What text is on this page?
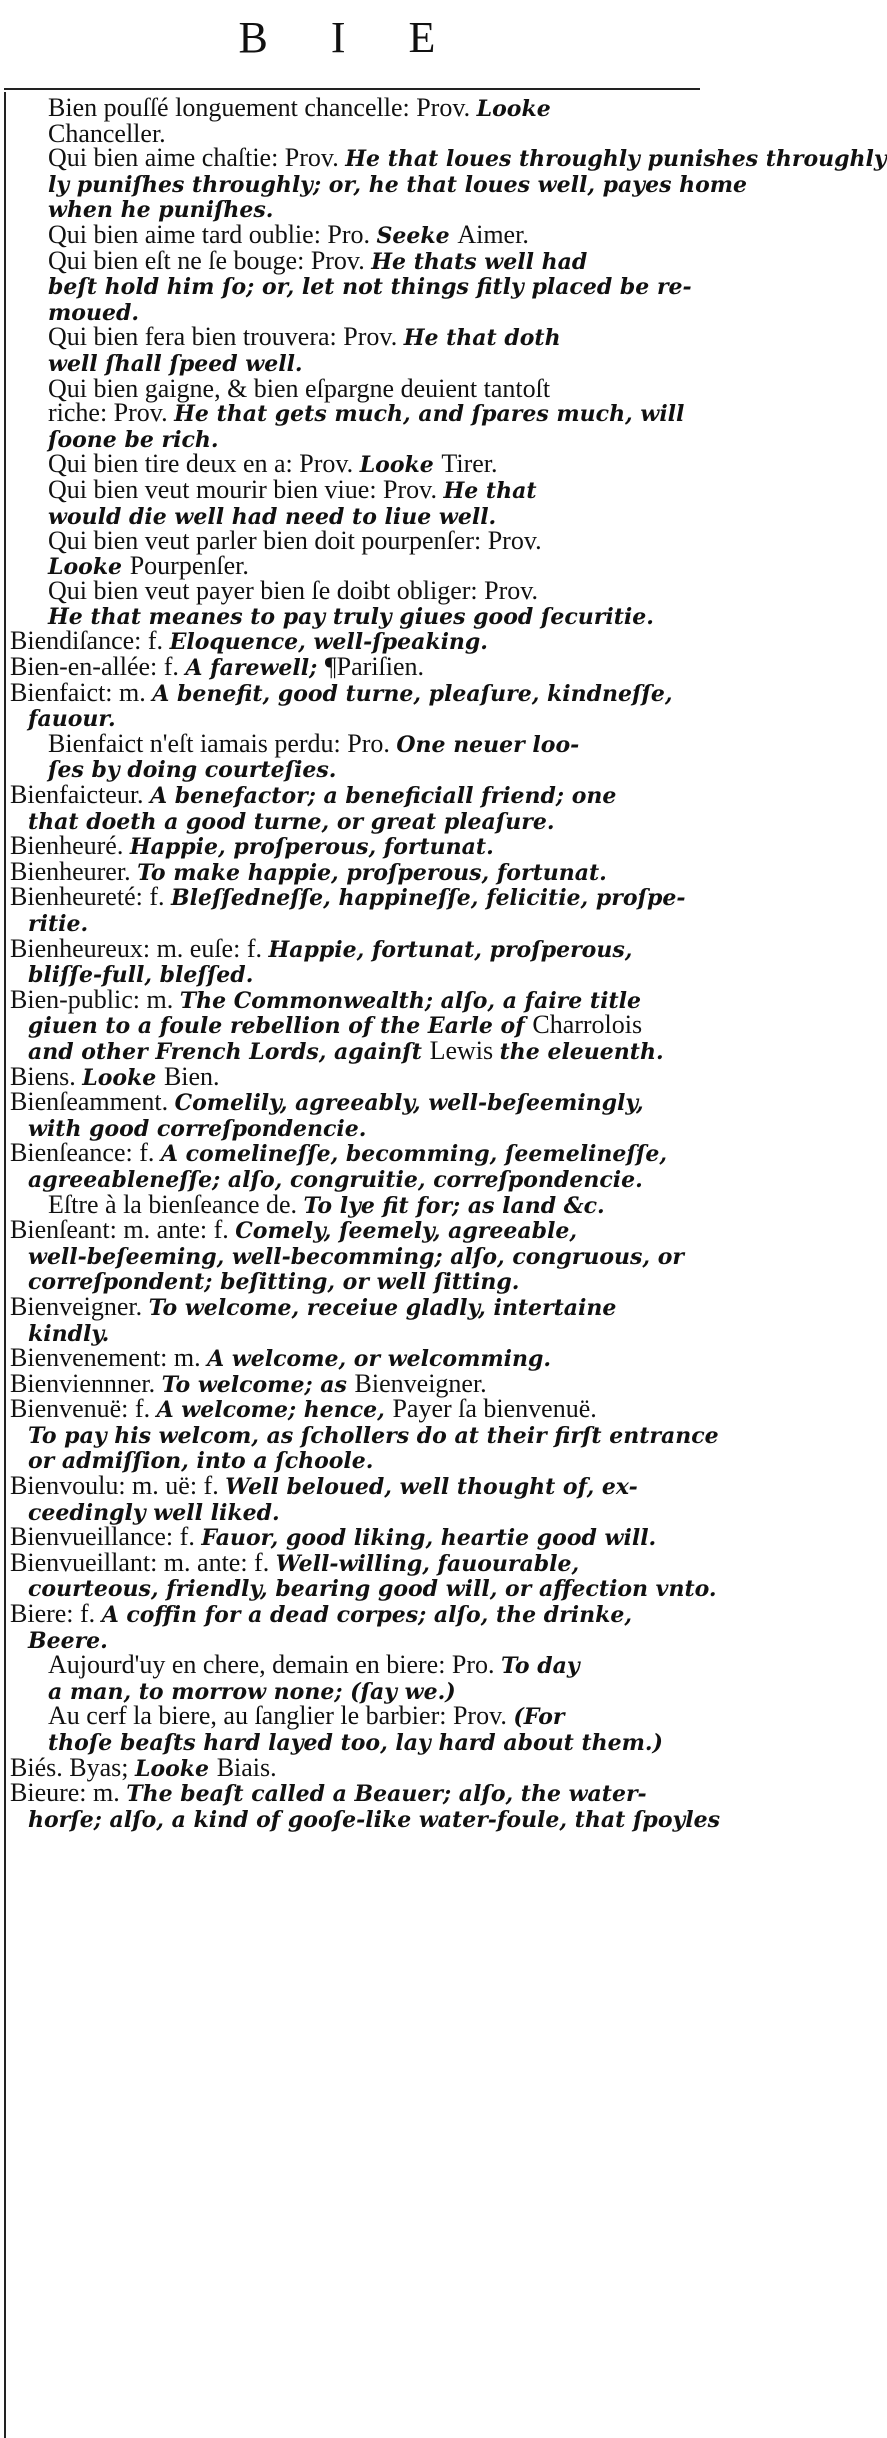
B I E
Bien pouſſé longuement chancelle: Prov. Looke
Chanceller.
Qui bien aime chaſtie: Prov. He that loues throughly punishes throughly
ly puniſhes throughly; or, he that loues well, payes home
when he puniſhes.
Qui bien aime tard oublie: Pro. Seeke Aimer.
Qui bien eſt ne ſe bouge: Prov. He thats well had
beſt hold him ſo; or, let not things fitly placed be re-
moued.
Qui bien fera bien trouvera: Prov. He that doth
well ſhall ſpeed well.
Qui bien gaigne, & bien eſpargne deuient tantoſt
riche: Prov. He that gets much, and ſpares much, will
ſoone be rich.
Qui bien tire deux en a: Prov. Looke Tirer.
Qui bien veut mourir bien viue: Prov. He that
would die well had need to liue well.
Qui bien veut parler bien doit pourpenſer: Prov.
Looke Pourpenſer.
Qui bien veut payer bien ſe doibt obliger: Prov.
He that meanes to pay truly giues good ſecuritie.
Biendiſance: f. Eloquence, well-ſpeaking.
Bien-en-allée: f. A farewell; ¶Pariſien.
Bienfaict: m. A benefit, good turne, pleaſure, kindneſſe,
fauour.
Bienfaict n'eſt iamais perdu: Pro. One neuer loo-
ſes by doing courteſies.
Bienfaicteur. A benefactor; a beneficiall friend; one
that doeth a good turne, or great pleaſure.
Bienheuré. Happie, proſperous, fortunat.
Bienheurer. To make happie, proſperous, fortunat.
Bienheureté: f. Bleſſedneſſe, happineſſe, felicitie, proſpe-
ritie.
Bienheureux: m. euſe: f. Happie, fortunat, proſperous,
bliſſe-full, bleſſed.
Bien-public: m. The Commonwealth; alſo, a faire title
giuen to a foule rebellion of the Earle of Charrolois
and other French Lords, againſt Lewis the eleuenth.
Biens. Looke Bien.
Bienſeamment. Comelily, agreeably, well-beſeemingly,
with good correſpondencie.
Bienſeance: f. A comelineſſe, becomming, ſeemelineſſe,
agreeableneſſe; alſo, congruitie, correſpondencie.
Eſtre à la bienſeance de. To lye fit for; as land &c.
Bienſeant: m. ante: f. Comely, ſeemely, agreeable,
well-beſeeming, well-becomming; alſo, congruous, or
correſpondent; beſitting, or well ſitting.
Bienveigner. To welcome, receiue gladly, intertaine
kindly.
Bienvenement: m. A welcome, or welcomming.
Bienviennner. To welcome; as Bienveigner.
Bienvenuë: f. A welcome; hence, Payer ſa bienvenuë.
To pay his welcom, as ſchollers do at their firſt entrance
or admiſſion, into a ſchoole.
Bienvoulu: m. uë: f. Well beloued, well thought of, ex-
ceedingly well liked.
Bienvueillance: f. Fauor, good liking, heartie good will.
Bienvueillant: m. ante: f. Well-willing, fauourable,
courteous, friendly, bearing good will, or affection vnto.
Biere: f. A coffin for a dead corpes; alſo, the drinke,
Beere.
Aujourd'uy en chere, demain en biere: Pro. To day
a man, to morrow none; (ſay we.)
Au cerf la biere, au ſanglier le barbier: Prov. (For
thoſe beaſts hard layed too, lay hard about them.)
Biés. Byas; Looke Biais.
Bieure: m. The beaſt called a Beauer; alſo, the water-
horſe; alſo, a kind of gooſe-like water-foule, that ſpoyles
